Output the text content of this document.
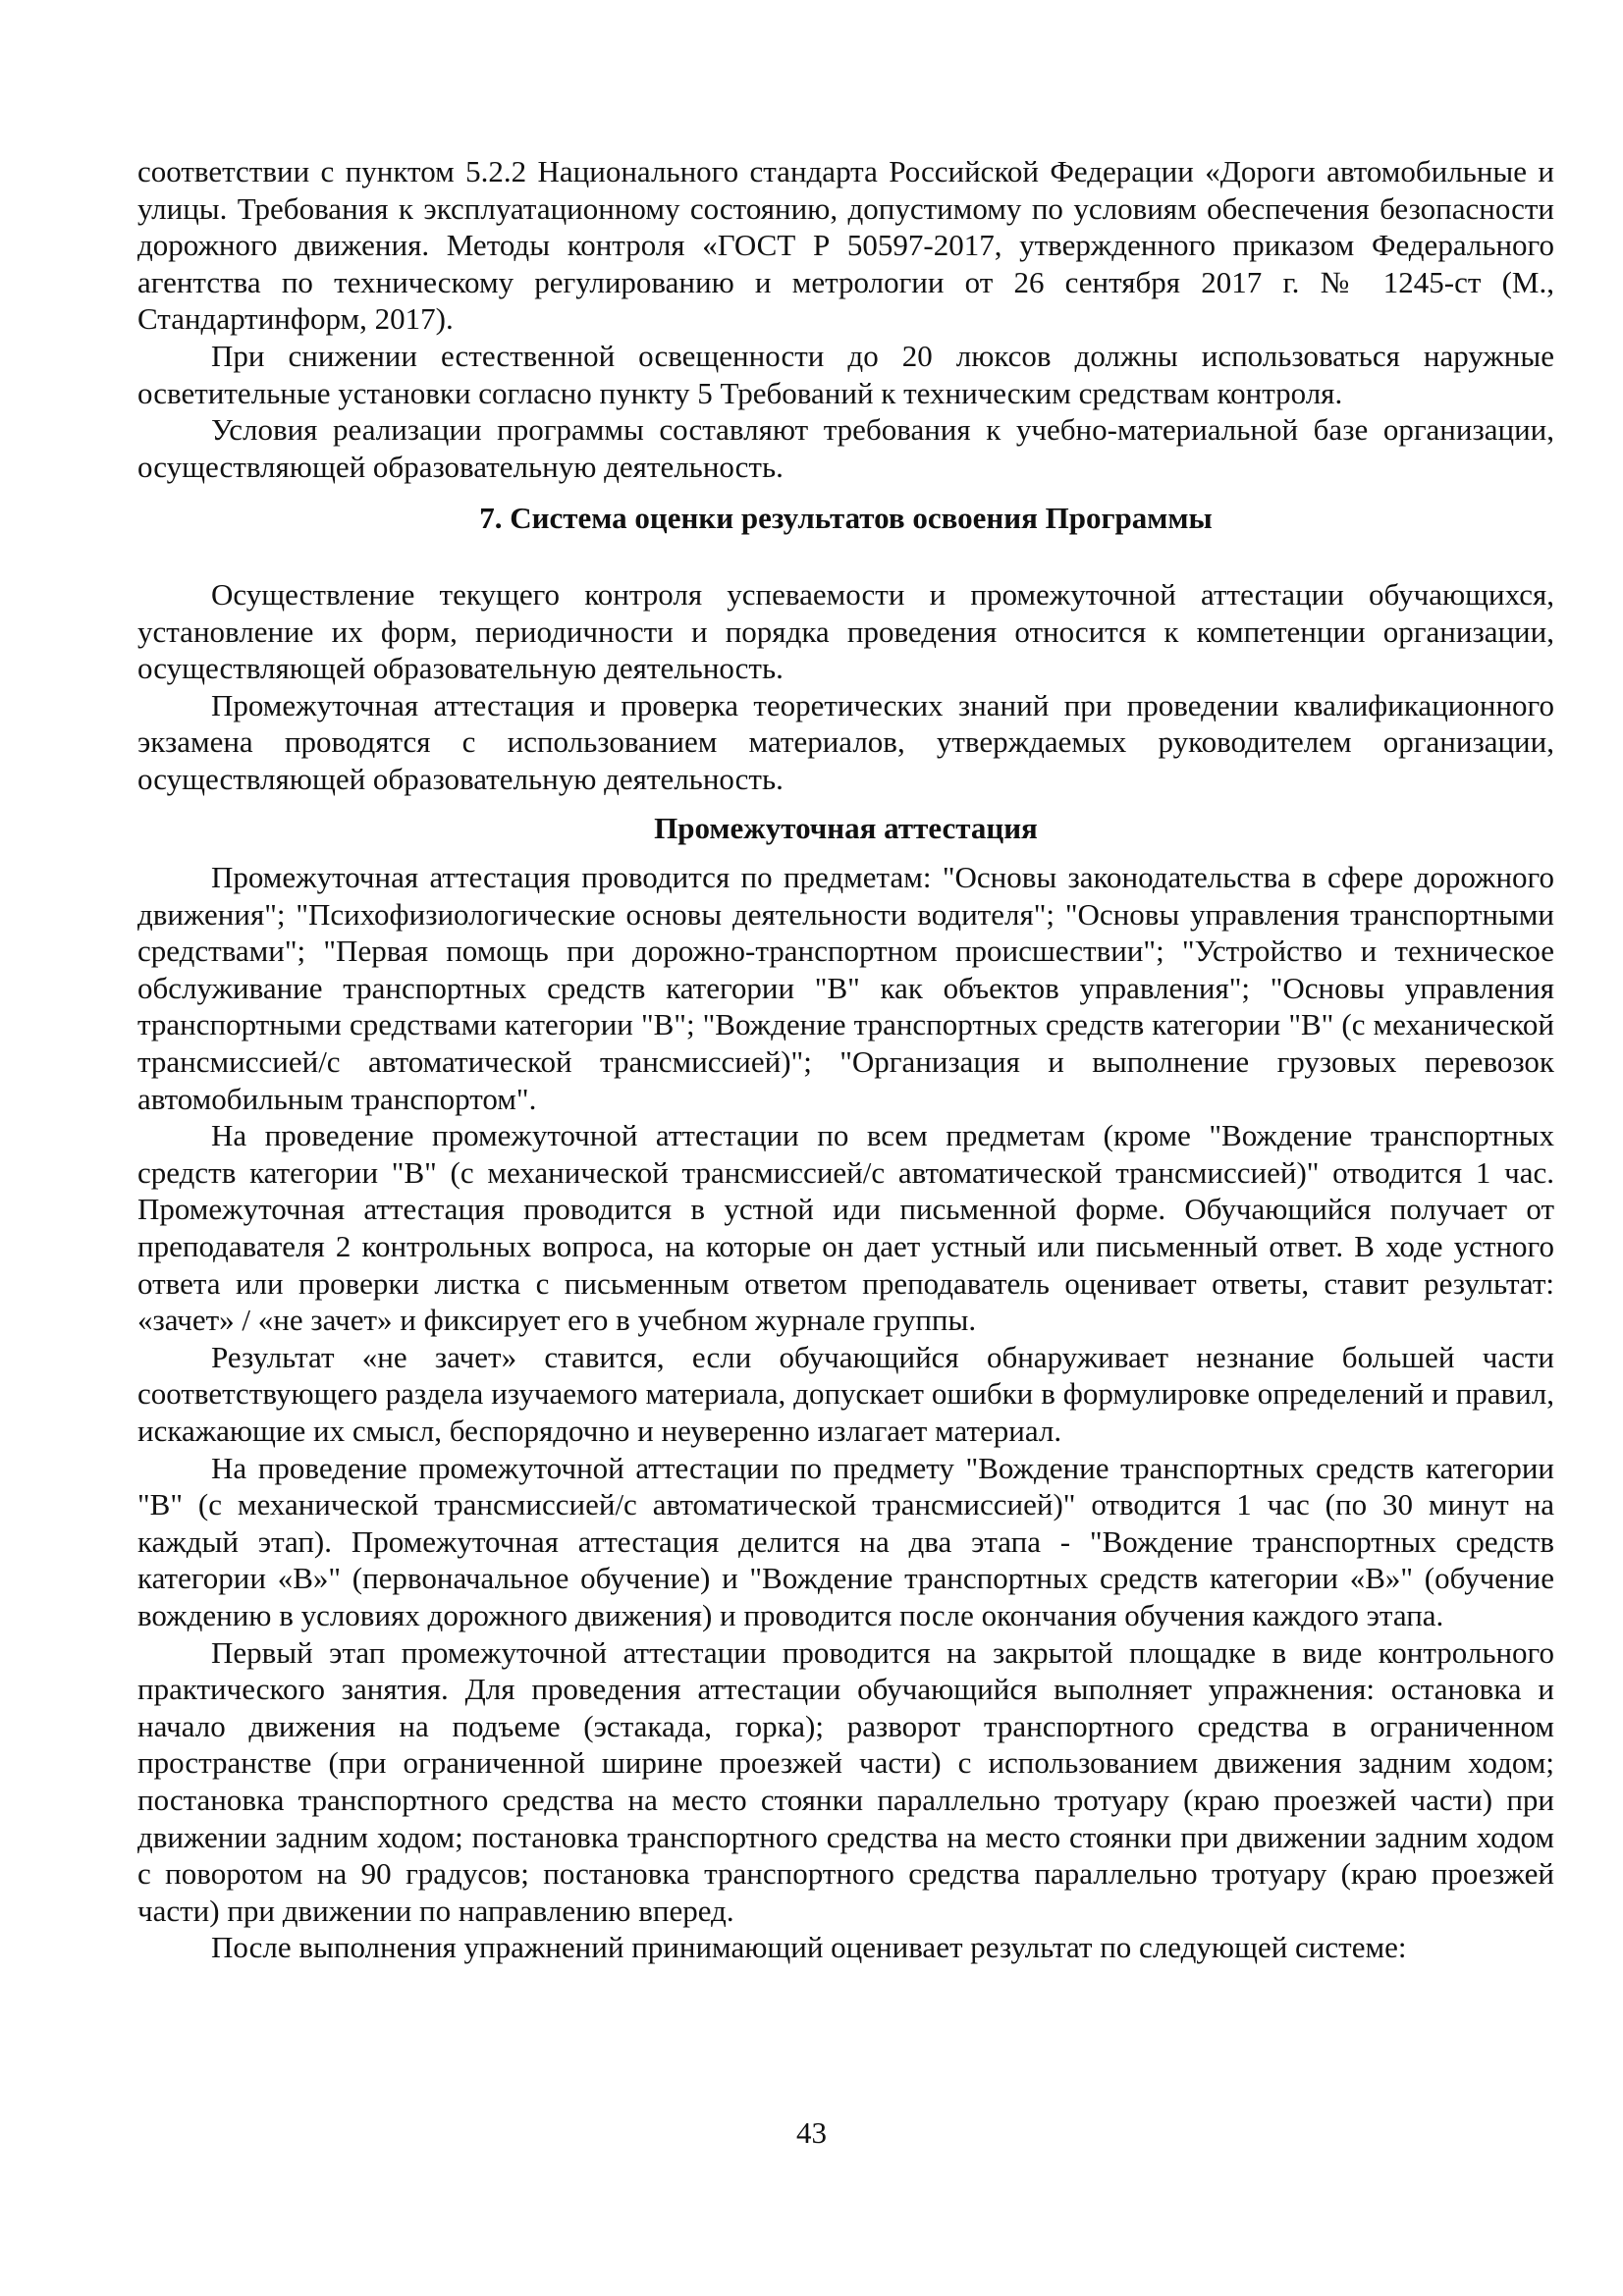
соответствии с пунктом 5.2.2 Национального стандарта Российской Федерации «Дороги автомобильные и улицы. Требования к эксплуатационному состоянию, допустимому по условиям обеспечения безопасности дорожного движения. Методы контроля «ГОСТ Р 50597-2017, утвержденного приказом Федерального агентства по техническому регулированию и метрологии от 26 сентября 2017 г. № 1245-ст (М., Стандартинформ, 2017).

При снижении естественной освещенности до 20 люксов должны использоваться наружные осветительные установки согласно пункту 5 Требований к техническим средствам контроля.

Условия реализации программы составляют требования к учебно-материальной базе организации, осуществляющей образовательную деятельность.

7. Система оценки результатов освоения Программы

Осуществление текущего контроля успеваемости и промежуточной аттестации обучающихся, установление их форм, периодичности и порядка проведения относится к компетенции организации, осуществляющей образовательную деятельность.

Промежуточная аттестация и проверка теоретических знаний при проведении квалификационного экзамена проводятся с использованием материалов, утверждаемых руководителем организации, осуществляющей образовательную деятельность.

Промежуточная аттестация

Промежуточная аттестация проводится по предметам: "Основы законодательства в сфере дорожного движения"; "Психофизиологические основы деятельности водителя"; "Основы управления транспортными средствами"; "Первая помощь при дорожно-транспортном происшествии"; "Устройство и техническое обслуживание транспортных средств категории "B" как объектов управления"; "Основы управления транспортными средствами категории "B"; "Вождение транспортных средств категории "B" (с механической трансмиссией/с автоматической трансмиссией)"; "Организация и выполнение грузовых перевозок автомобильным транспортом".

На проведение промежуточной аттестации по всем предметам (кроме "Вождение транспортных средств категории "B" (с механической трансмиссией/с автоматической трансмиссией)" отводится 1 час. Промежуточная аттестация проводится в устной иди письменной форме. Обучающийся получает от преподавателя 2 контрольных вопроса, на которые он дает устный или письменный ответ. В ходе устного ответа или проверки листка с письменным ответом преподаватель оценивает ответы, ставит результат: «зачет» / «не зачет» и фиксирует его в учебном журнале группы.

Результат «не зачет» ставится, если обучающийся обнаруживает незнание большей части соответствующего раздела изучаемого материала, допускает ошибки в формулировке определений и правил, искажающие их смысл, беспорядочно и неуверенно излагает материал.

На проведение промежуточной аттестации по предмету "Вождение транспортных средств категории "B" (с механической трансмиссией/с автоматической трансмиссией)" отводится 1 час (по 30 минут на каждый этап). Промежуточная аттестация делится на два этапа - "Вождение транспортных средств категории «B»" (первоначальное обучение) и "Вождение транспортных средств категории «B»" (обучение вождению в условиях дорожного движения) и проводится после окончания обучения каждого этапа.

Первый этап промежуточной аттестации проводится на закрытой площадке в виде контрольного практического занятия. Для проведения аттестации обучающийся выполняет упражнения: остановка и начало движения на подъеме (эстакада, горка); разворот транспортного средства в ограниченном пространстве (при ограниченной ширине проезжей части) с использованием движения задним ходом; постановка транспортного средства на место стоянки параллельно тротуару (краю проезжей части) при движении задним ходом; постановка транспортного средства на место стоянки при движении задним ходом с поворотом на 90 градусов; постановка транспортного средства параллельно тротуару (краю проезжей части) при движении по направлению вперед.

После выполнения упражнений принимающий оценивает результат по следующей системе:

43
